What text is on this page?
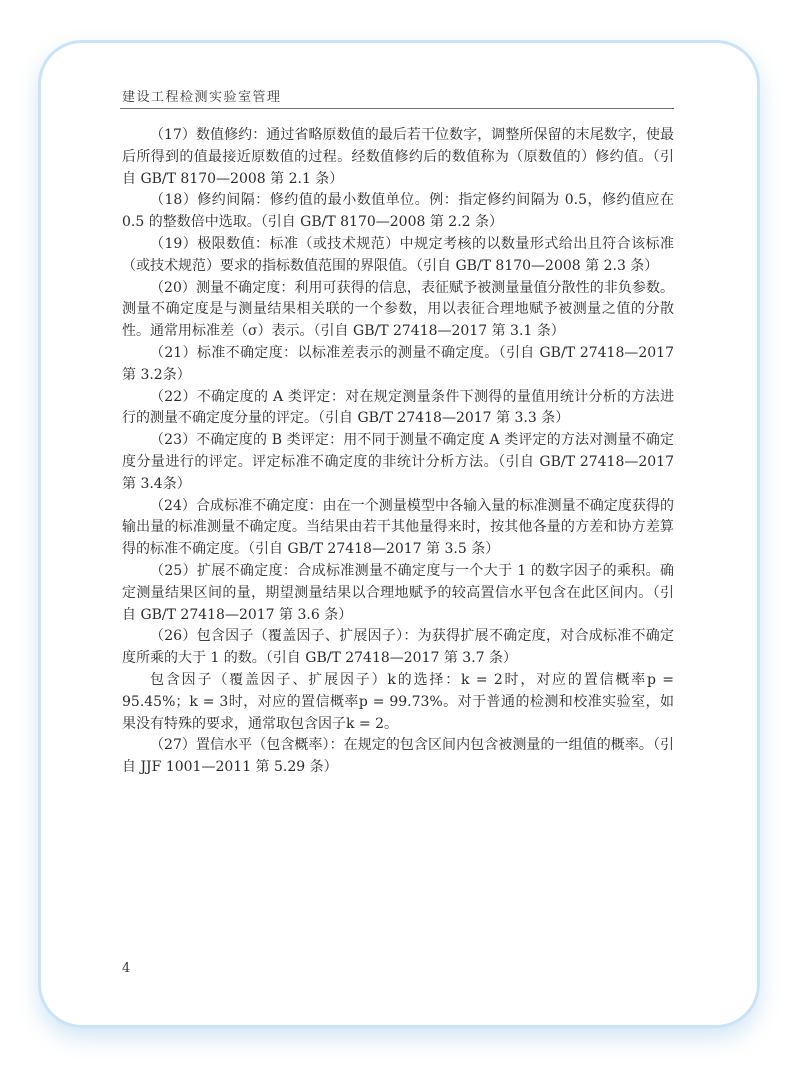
建设工程检测实验室管理

（17）数值修约：通过省略原数值的最后若干位数字，调整所保留的末尾数字，使最后所得到的值最接近原数值的过程。经数值修约后的数值称为（原数值的）修约值。（引自 GB/T 8170—2008 第 2.1 条）

（18）修约间隔：修约值的最小数值单位。例：指定修约间隔为 0.5，修约值应在 0.5 的整数倍中选取。（引自 GB/T 8170—2008 第 2.2 条）

（19）极限数值：标准（或技术规范）中规定考核的以数量形式给出且符合该标准（或技术规范）要求的指标数值范围的界限值。（引自 GB/T 8170—2008 第 2.3 条）

（20）测量不确定度：利用可获得的信息，表征赋予被测量量值分散性的非负参数。测量不确定度是与测量结果相关联的一个参数，用以表征合理地赋予被测量之值的分散性。通常用标准差（σ）表示。（引自 GB/T 27418—2017 第 3.1 条）

（21）标准不确定度：以标准差表示的测量不确定度。（引自 GB/T 27418—2017 第 3.2条）

（22）不确定度的 A 类评定：对在规定测量条件下测得的量值用统计分析的方法进行的测量不确定度分量的评定。（引自 GB/T 27418—2017 第 3.3 条）

（23）不确定度的 B 类评定：用不同于测量不确定度 A 类评定的方法对测量不确定度分量进行的评定。评定标准不确定度的非统计分析方法。（引自 GB/T 27418—2017 第 3.4条）

（24）合成标准不确定度：由在一个测量模型中各输入量的标准测量不确定度获得的输出量的标准测量不确定度。当结果由若干其他量得来时，按其他各量的方差和协方差算得的标准不确定度。（引自 GB/T 27418—2017 第 3.5 条）

（25）扩展不确定度：合成标准测量不确定度与一个大于 1 的数字因子的乘积。确定测量结果区间的量，期望测量结果以合理地赋予的较高置信水平包含在此区间内。（引自 GB/T 27418—2017 第 3.6 条）

（26）包含因子（覆盖因子、扩展因子）：为获得扩展不确定度，对合成标准不确定度所乘的大于 1 的数。（引自 GB/T 27418—2017 第 3.7 条）

包含因子（覆盖因子、扩展因子）k的选择：k = 2时，对应的置信概率p = 95.45%；k = 3时，对应的置信概率p = 99.73%。对于普通的检测和校准实验室，如果没有特殊的要求，通常取包含因子k = 2。

（27）置信水平（包含概率）：在规定的包含区间内包含被测量的一组值的概率。（引自 JJF 1001—2011 第 5.29 条）

4
